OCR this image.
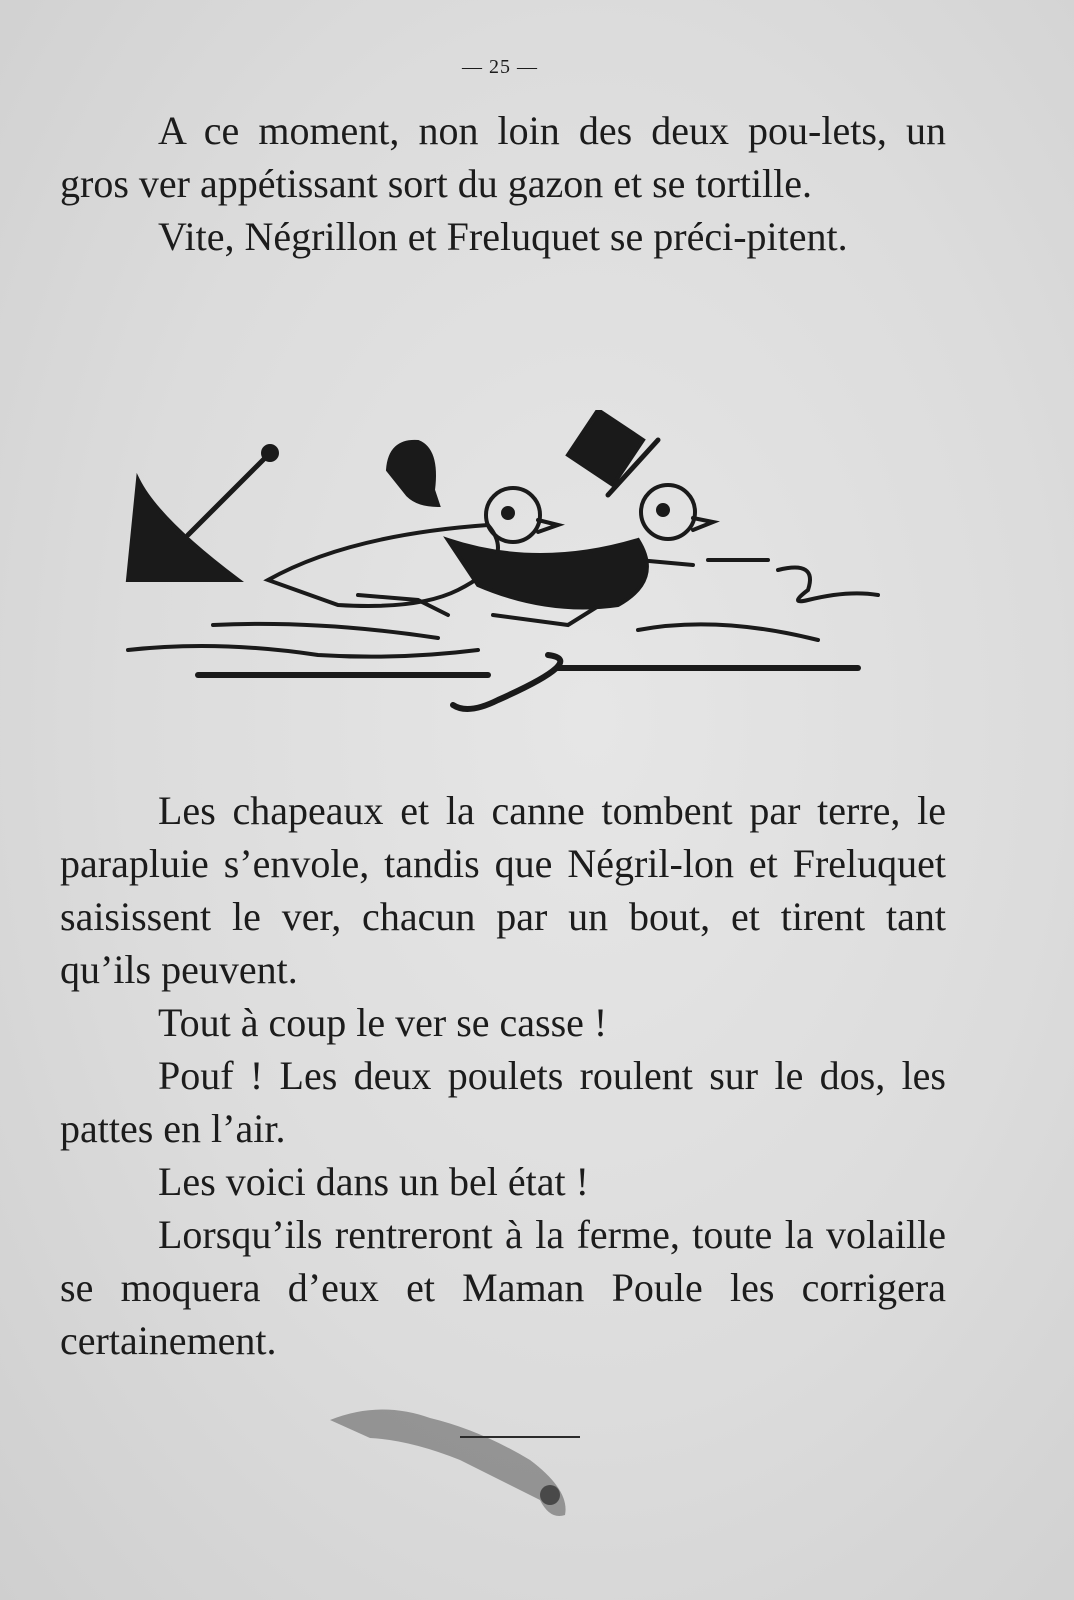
— 25 —

A ce moment, non loin des deux pou-lets, un gros ver appétissant sort du gazon et se tortille.

Vite, Négrillon et Freluquet se préci-pitent.

Les chapeaux et la canne tombent par terre, le parapluie s’envole, tandis que Négril-lon et Freluquet saisissent le ver, chacun par un bout, et tirent tant qu’ils peuvent.

Tout à coup le ver se casse !

Pouf ! Les deux poulets roulent sur le dos, les pattes en l’air.

Les voici dans un bel état !

Lorsqu’ils rentreront à la ferme, toute la volaille se moquera d’eux et Maman Poule les corrigera certainement.
